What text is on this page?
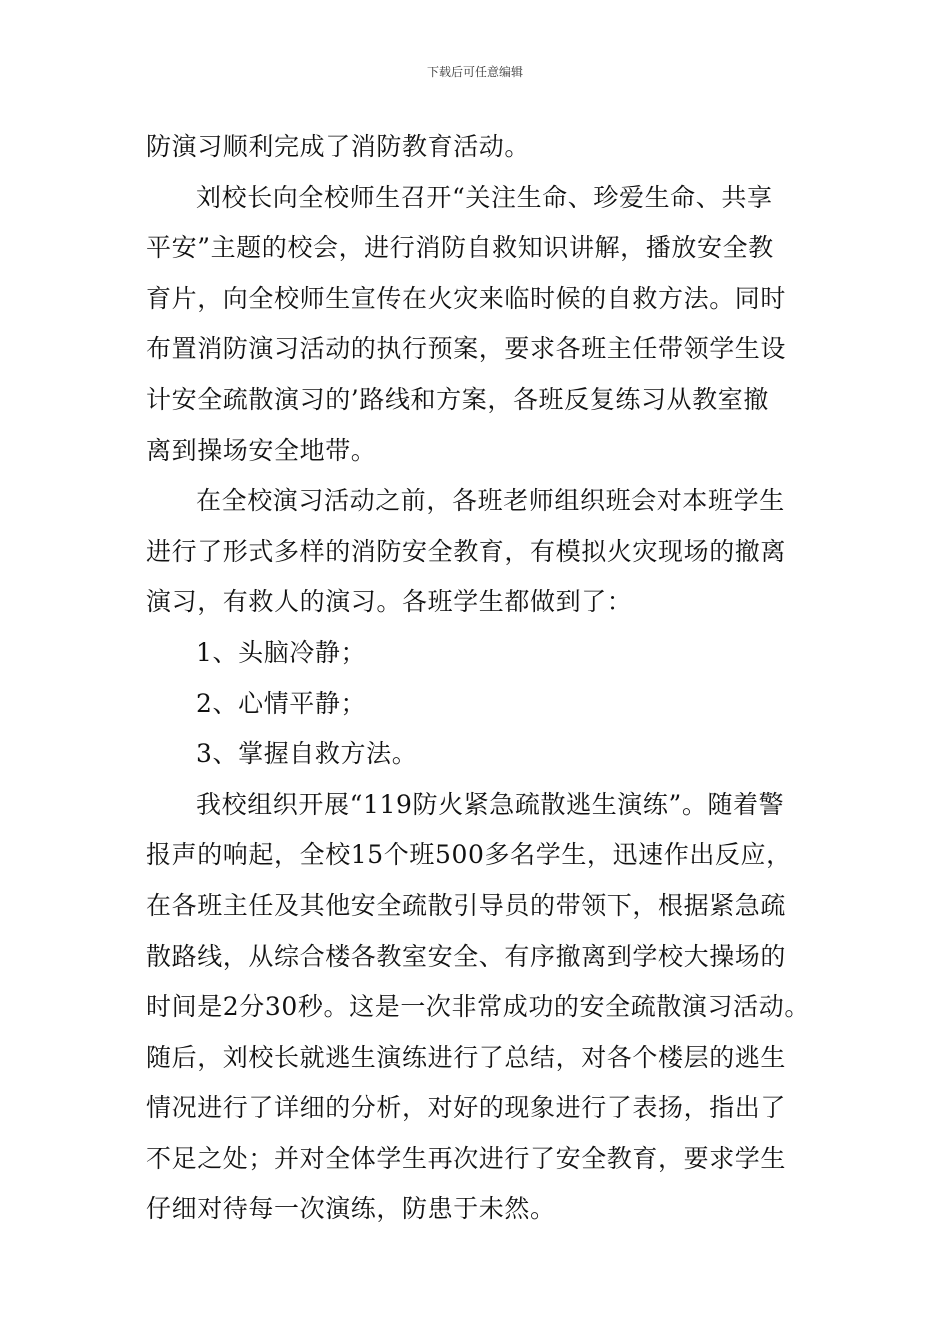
下载后可任意编辑
防演习顺利完成了消防教育活动。
刘校长向全校师生召开“关注生命、珍爱生命、共享
平安”主题的校会，进行消防自救知识讲解，播放安全教
育片，向全校师生宣传在火灾来临时候的自救方法。同时
布置消防演习活动的执行预案，要求各班主任带领学生设
计安全疏散演习的’路线和方案，各班反复练习从教室撤
离到操场安全地带。
在全校演习活动之前，各班老师组织班会对本班学生
进行了形式多样的消防安全教育，有模拟火灾现场的撤离
演习，有救人的演习。各班学生都做到了：
1、头脑冷静；
2、心情平静；
3、掌握自救方法。
我校组织开展“119防火紧急疏散逃生演练”。随着警
报声的响起，全校15个班500多名学生，迅速作出反应，
在各班主任及其他安全疏散引导员的带领下，根据紧急疏
散路线，从综合楼各教室安全、有序撤离到学校大操场的
时间是2分30秒。这是一次非常成功的安全疏散演习活动。
随后，刘校长就逃生演练进行了总结，对各个楼层的逃生
情况进行了详细的分析，对好的现象进行了表扬，指出了
不足之处；并对全体学生再次进行了安全教育，要求学生
仔细对待每一次演练，防患于未然。
